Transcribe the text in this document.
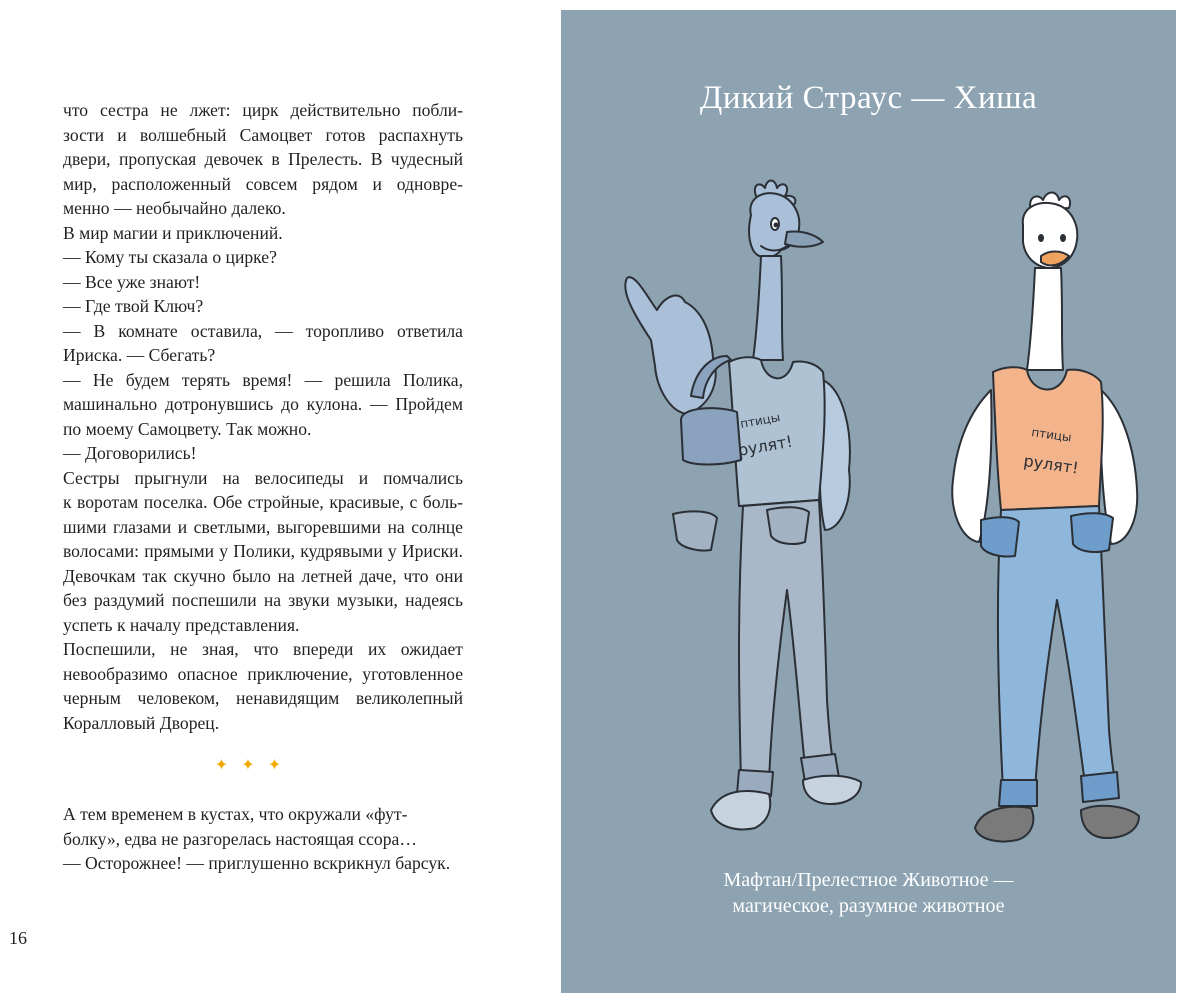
что сестра не лжет: цирк действительно побли-
зости и волшебный Самоцвет готов распахнуть
двери, пропуская девочек в Прелесть. В чудесный
мир, расположенный совсем рядом и одновре-
менно — необычайно далеко.
В мир магии и приключений.
— Кому ты сказала о цирке?
— Все уже знают!
— Где твой Ключ?
— В комнате оставила, — торопливо ответила
Ириска. — Сбегать?
— Не будем терять время! — решила Полика,
машинально дотронувшись до кулона. — Пройдем
по моему Самоцвету. Так можно.
— Договорились!
Сестры прыгнули на велосипеды и помчались
к воротам поселка. Обе стройные, красивые, с боль-
шими глазами и светлыми, выгоревшими на солнце
волосами: прямыми у Полики, кудрявыми у Ириски.
Девочкам так скучно было на летней даче, что они
без раздумий поспешили на звуки музыки, надеясь
успеть к началу представления.
Поспешили, не зная, что впереди их ожидает
невообразимо опасное приключение, уготовленное
черным человеком, ненавидящим великолепный
Коралловый Дворец.
✦ ✦ ✦
А тем временем в кустах, что окружали «фут- болку», едва не разгорелась настоящая ссора…
— Осторожнее! — приглушенно вскрикнул барсук.
16
птицы
рулят!	птицы
рулят!
Дикий Страус — Хиша
Мафтан/Прелестное Животное —
магическое, разумное животное
